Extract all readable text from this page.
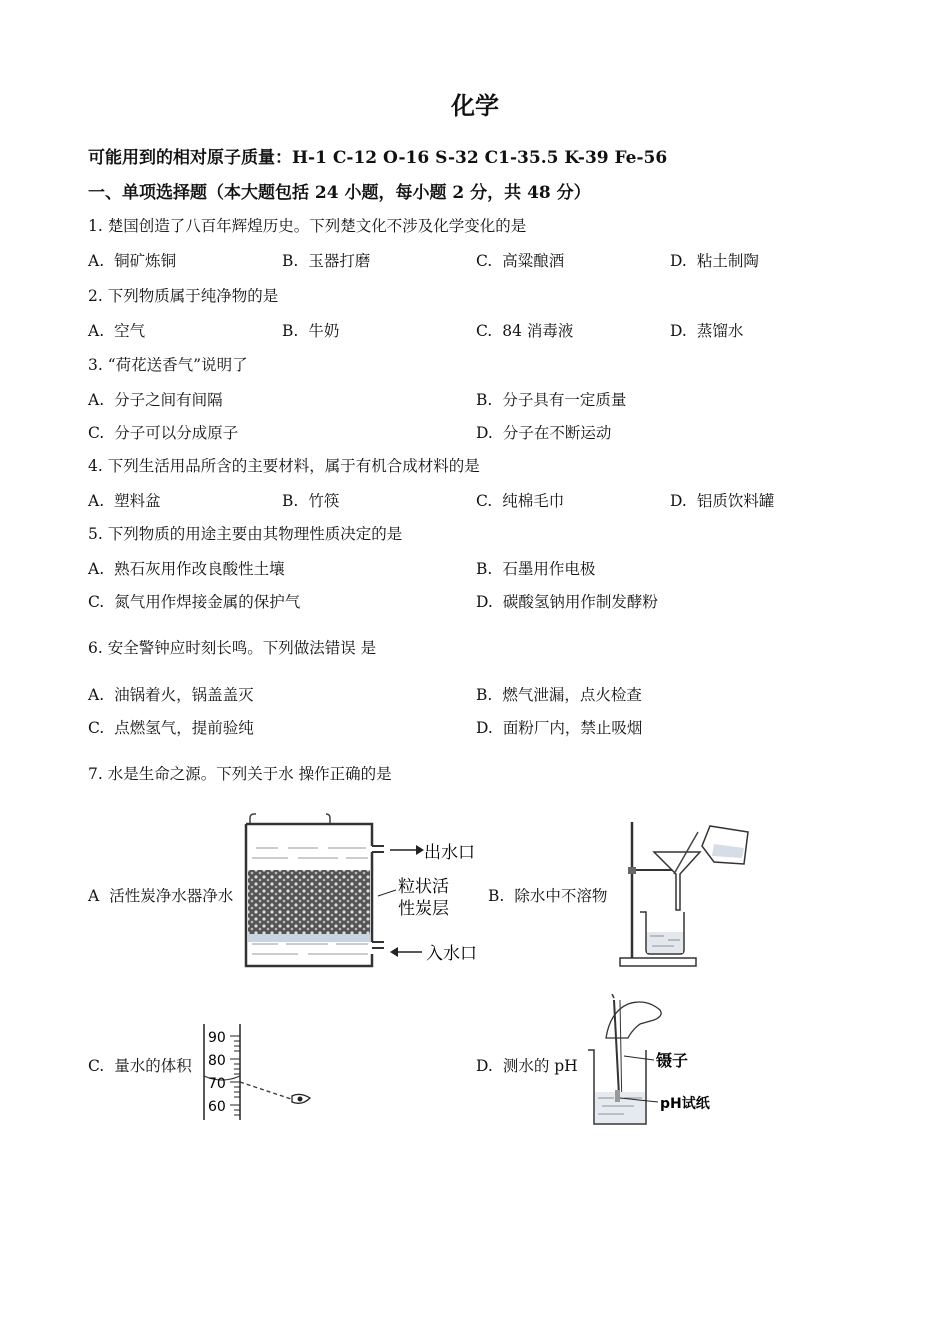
化学
可能用到的相对原子质量：H-1 C-12 O-16 S-32 C1-35.5 K-39 Fe-56
一、单项选择题（本大题包括 24 小题，每小题 2 分，共 48 分）
1. 楚国创造了八百年辉煌历史。下列楚文化不涉及化学变化的是
A. 铜矿炼铜	B. 玉器打磨	C. 高粱酿酒	D. 粘土制陶
2. 下列物质属于纯净物的是
A. 空气	B. 牛奶	C. 84 消毒液	D. 蒸馏水
3. “荷花送香气”说明了
A. 分子之间有间隔	B. 分子具有一定质量
C. 分子可以分成原子	D. 分子在不断运动
4. 下列生活用品所含的主要材料，属于有机合成材料的是
A. 塑料盆	B. 竹筷	C. 纯棉毛巾	D. 铝质饮料罐
5. 下列物质的用途主要由其物理性质决定的是
A. 熟石灰用作改良酸性土壤	B. 石墨用作电极
C. 氮气用作焊接金属的保护气	D. 碳酸氢钠用作制发酵粉
6. 安全警钟应时刻长鸣。下列做法错误 是
A. 油锅着火，锅盖盖灭	B. 燃气泄漏，点火检查
C. 点燃氢气，提前验纯	D. 面粉厂内，禁止吸烟
7. 水是生命之源。下列关于水 操作正确的是
A 活性炭净水器净水	B. 除水中不溶物
C. 量水的体积	D. 测水的 pH
出水口
粒状活
性炭层
入水口
90
80
70
60
镊子
pH试纸
